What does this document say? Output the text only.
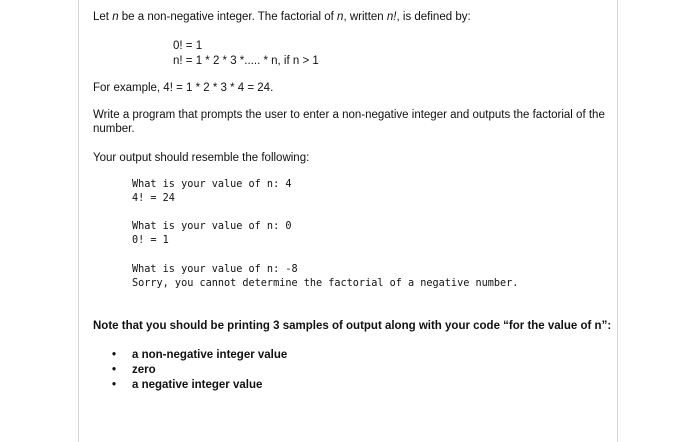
Let n be a non-negative integer. The factorial of n, written n!, is defined by:

0! = 1

n! = 1 * 2 * 3 *..... * n, if n > 1

For example, 4! = 1 * 2 * 3 * 4 = 24.

Write a program that prompts the user to enter a non-negative integer and outputs the factorial of the number.

Your output should resemble the following:

What is your value of n: 4

4! = 24

What is your value of n: 0

0! = 1

What is your value of n: -8

Sorry, you cannot determine the factorial of a negative number.

Note that you should be printing 3 samples of output along with your code “for the value of n”:

• a non-negative integer value
• zero
• a negative integer value
